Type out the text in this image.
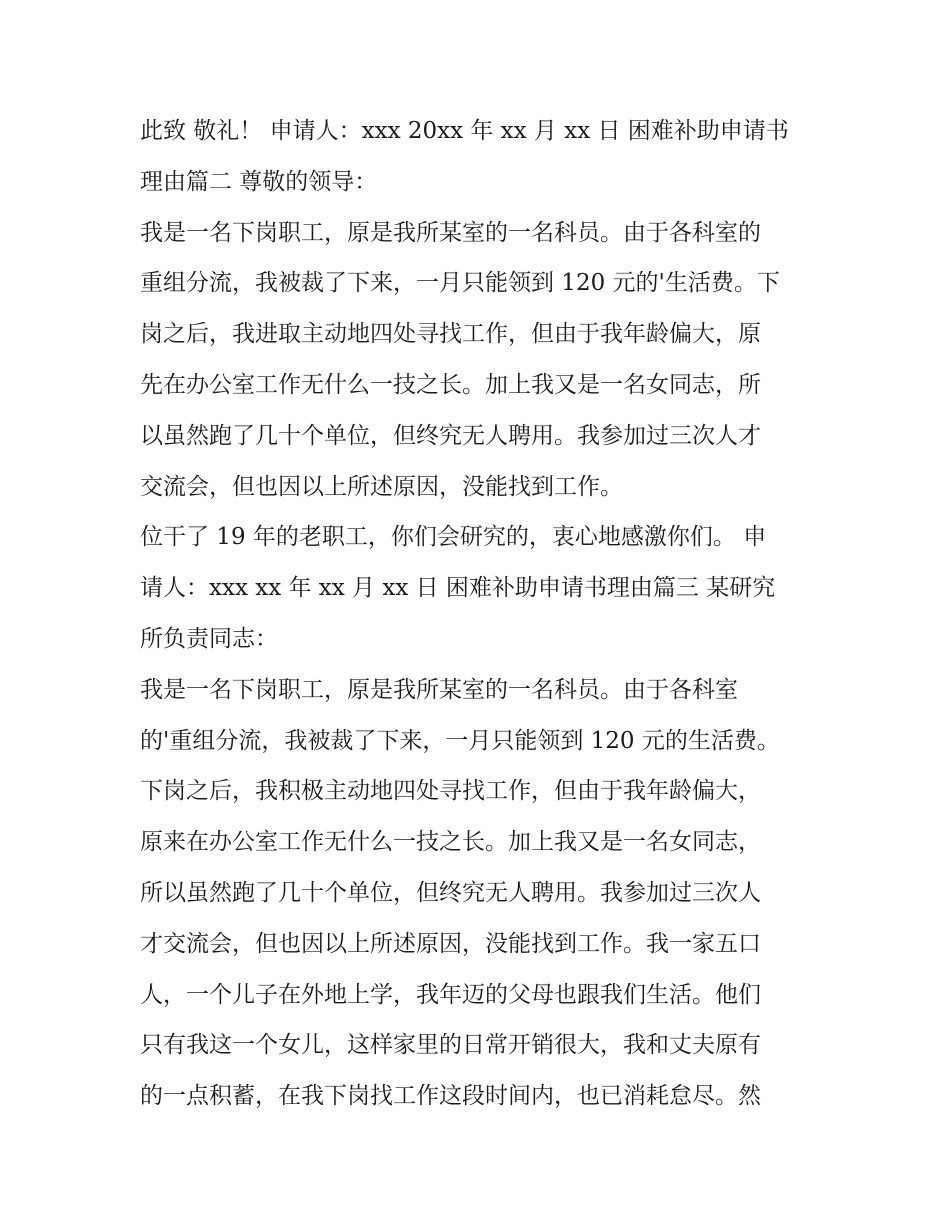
此致 敬礼！ 申请人：xxx 20xx 年 xx 月 xx 日 困难补助申请书
理由篇二 尊敬的领导：
我是一名下岗职工，原是我所某室的一名科员。由于各科室的
重组分流，我被裁了下来，一月只能领到 120 元的'生活费。下
岗之后，我进取主动地四处寻找工作，但由于我年龄偏大，原
先在办公室工作无什么一技之长。加上我又是一名女同志，所
以虽然跑了几十个单位，但终究无人聘用。我参加过三次人才
交流会，但也因以上所述原因，没能找到工作。
位干了 19 年的老职工，你们会研究的，衷心地感激你们。 申
请人：xxx xx 年 xx 月 xx 日 困难补助申请书理由篇三 某研究
所负责同志：
我是一名下岗职工，原是我所某室的一名科员。由于各科室
的'重组分流，我被裁了下来，一月只能领到 120 元的生活费。
下岗之后，我积极主动地四处寻找工作，但由于我年龄偏大，
原来在办公室工作无什么一技之长。加上我又是一名女同志，
所以虽然跑了几十个单位，但终究无人聘用。我参加过三次人
才交流会，但也因以上所述原因，没能找到工作。我一家五口
人，一个儿子在外地上学，我年迈的父母也跟我们生活。他们
只有我这一个女儿，这样家里的日常开销很大，我和丈夫原有
的一点积蓄，在我下岗找工作这段时间内，也已消耗怠尽。然
